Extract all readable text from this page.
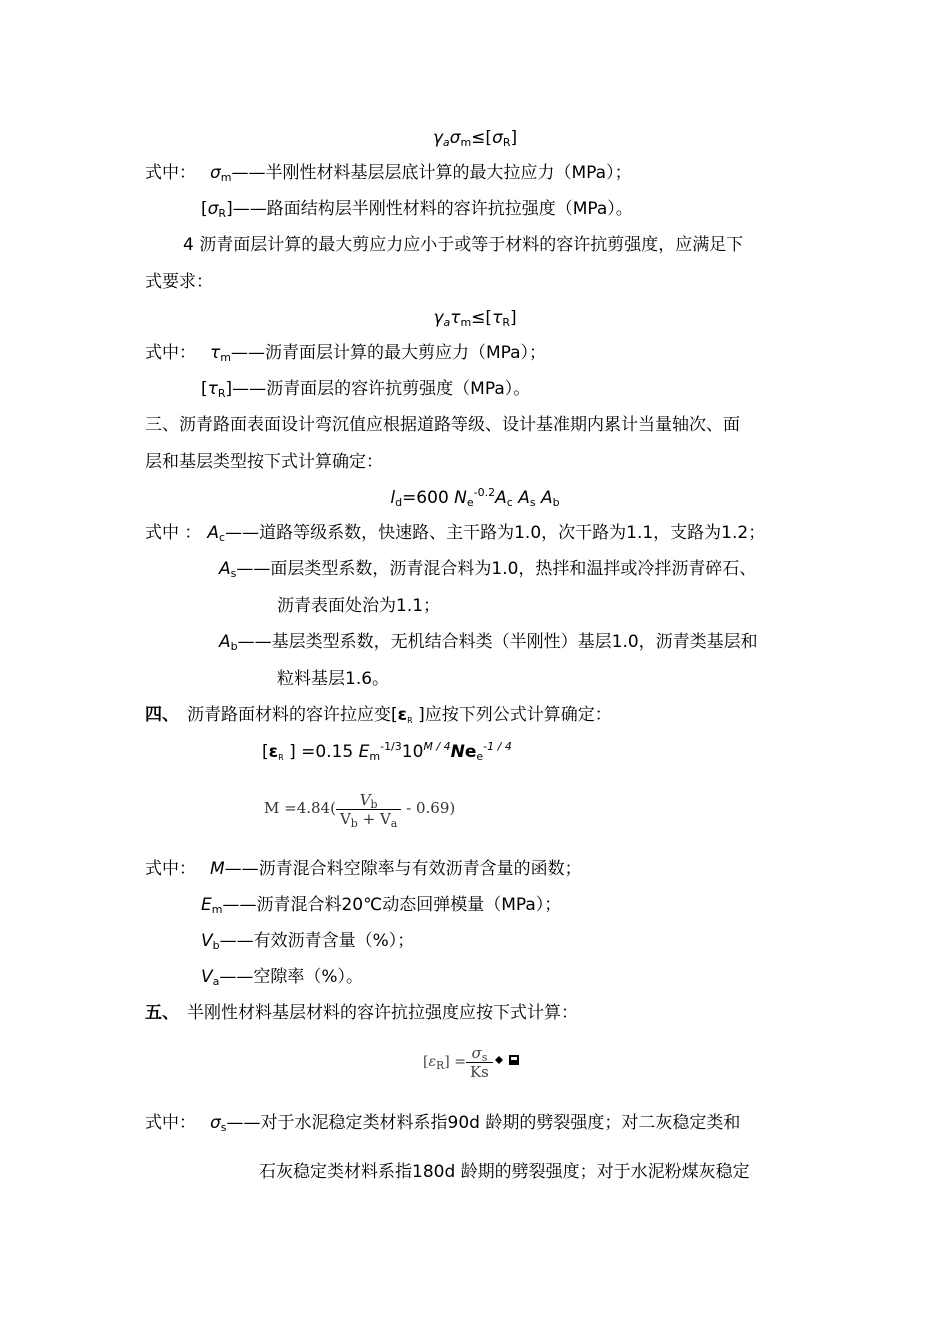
$\gamma_a\sigma_m\le[\sigma_R]$
式中： $\sigma_m——$半刚性材料基层层底计算的最大拉应力（MPa）；
$[\sigma_R]——$路面结构层半刚性材料的容许抗拉强度（MPa）。
4 沥青面层计算的最大剪应力应小于或等于材料的容许抗剪强度，应满足下
式要求：
$\gamma_a\tau_m\le[\tau_R]$
式中： $\tau_m——$沥青面层计算的最大剪应力（MPa）；
$[\tau_R]——$沥青面层的容许抗剪强度（MPa）。
三、沥青路面表面设计弯沉值应根据道路等级、设计基准期内累计当量轴次、面
层和基层类型按下式计算确定：
$l_d=600$ $N_e^{-0.2}A_c$ $A_s$ $A_b$
式中 ： $A_c——$道路等级系数，快速路、主干路为1.0，次干路为1.1，支路为1.2；
$A_s——$面层类型系数，沥青混合料为1.0，热拌和温拌或冷拌沥青碎石、
沥青表面处治为1.1；
$A_b——$基层类型系数，无机结合料类（半刚性）基层1.0，沥青类基层和
粒料基层1.6。
四、 沥青路面材料的容许拉应变[$\varepsilon_R$ ]应按下列公式计算确定：
[$\varepsilon_R$ ] =0.15 $E_m^{-1/3}10^{M / 4}Ne_e^{-1 / 4}$
$M =4.84( \frac{V_b}{V_b + V_a} - 0.69)$
式中： M——沥青混合料空隙率与有效沥青含量的函数；
$E_m——$沥青混合料20℃动态回弹模量（MPa）；
$V_b——$有效沥青含量（%）；
$V_a——$空隙率（%）。
五、 半刚性材料基层材料的容许抗拉强度应按下式计算：
$[\varepsilon_R] = \frac{\sigma_s}{Ks}$
式中： $\sigma_s——$对于水泥稳定类材料系指90d 龄期的劈裂强度；对二灰稳定类和
石灰稳定类材料系指180d 龄期的劈裂强度；对于水泥粉煤灰稳定
